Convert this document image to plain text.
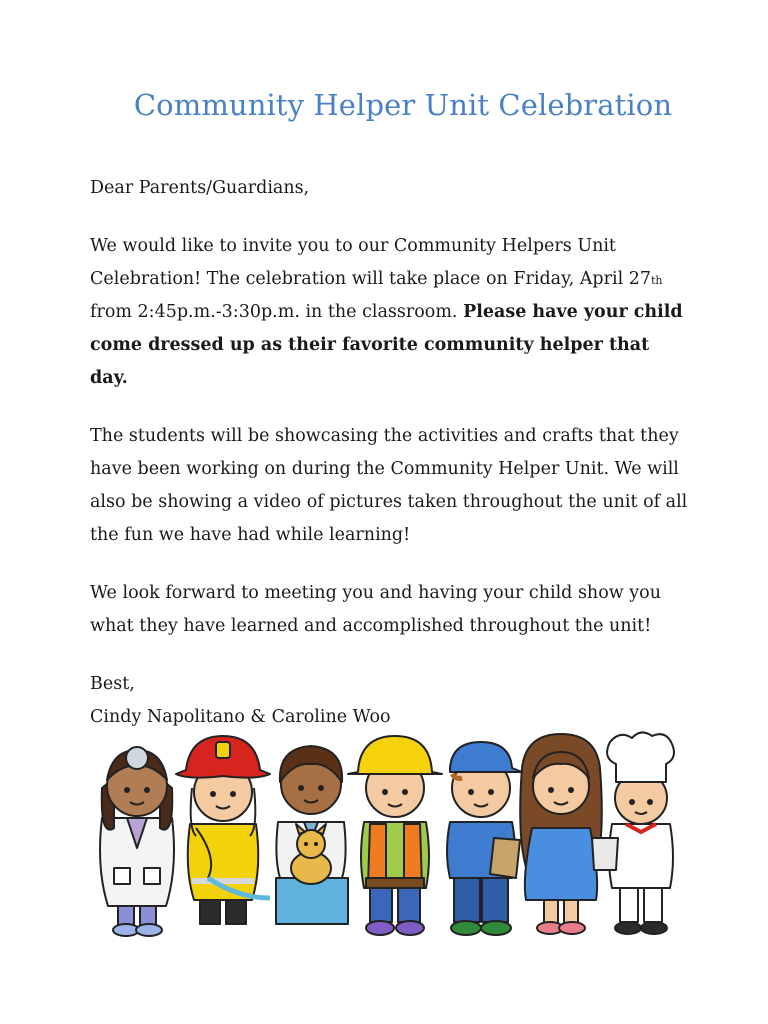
Community Helper Unit Celebration

Dear Parents/Guardians,

We would like to invite you to our Community Helpers Unit Celebration! The celebration will take place on Friday, April 27th from 2:45p.m.-3:30p.m. in the classroom. Please have your child come dressed up as their favorite community helper that day.

The students will be showcasing the activities and crafts that they have been working on during the Community Helper Unit. We will also be showing a video of pictures taken throughout the unit of all the fun we have had while learning!

We look forward to meeting you and having your child show you what they have learned and accomplished throughout the unit!

Best,

Cindy Napolitano & Caroline Woo
